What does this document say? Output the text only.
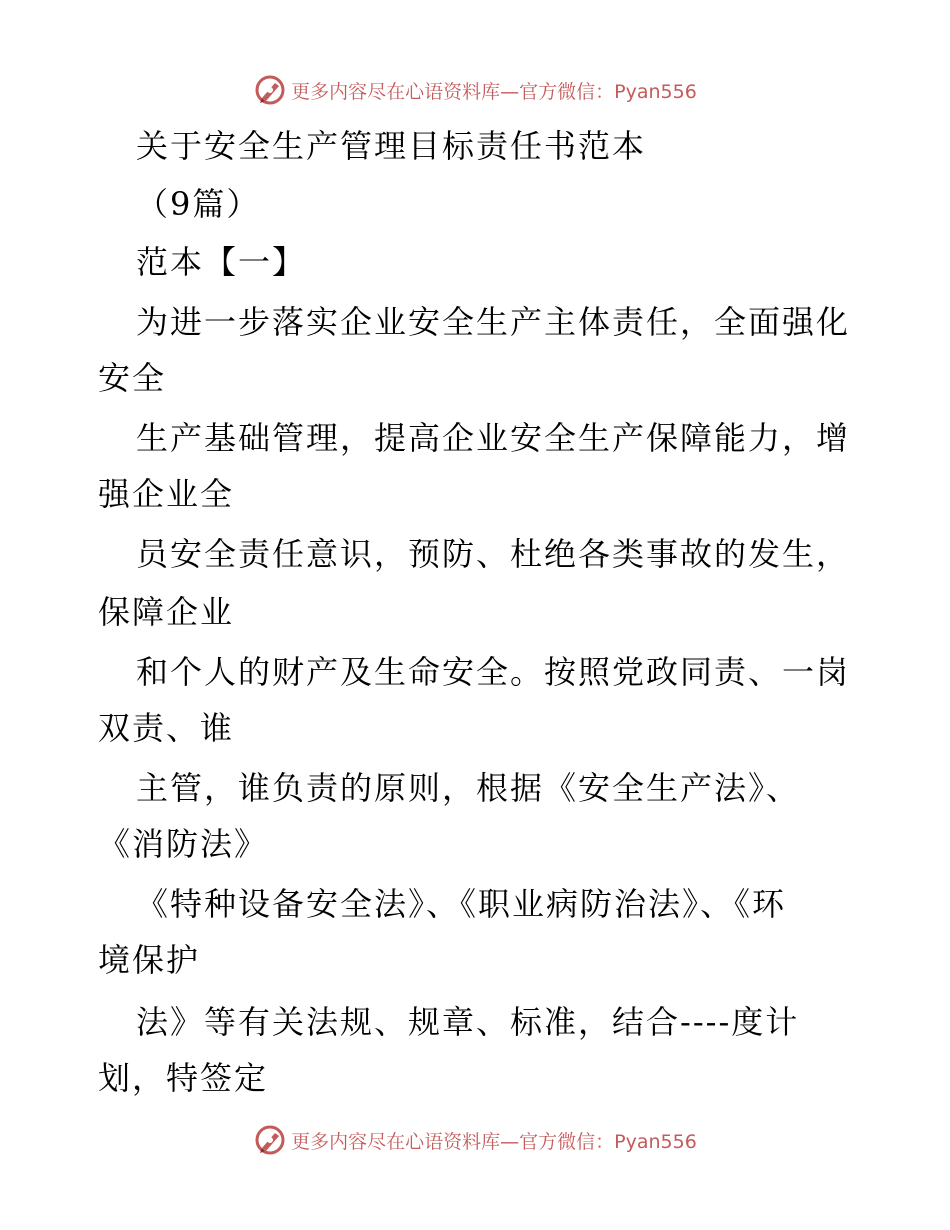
更多内容尽在心语资料库—官方微信：Pyan556
关于安全生产管理目标责任书范本
（9篇）
范本【一】
为进一步落实企业安全生产主体责任，全面强化
安全
生产基础管理，提高企业安全生产保障能力，增
强企业全
员安全责任意识，预防、杜绝各类事故的发生，
保障企业
和个人的财产及生命安全。按照党政同责、一岗
双责、谁
主管，谁负责的原则，根据《安全生产法》、
《消防法》
《特种设备安全法》、《职业病防治法》、《环
境保护
法》等有关法规、规章、标准，结合----度计
划，特签定
更多内容尽在心语资料库—官方微信：Pyan556
